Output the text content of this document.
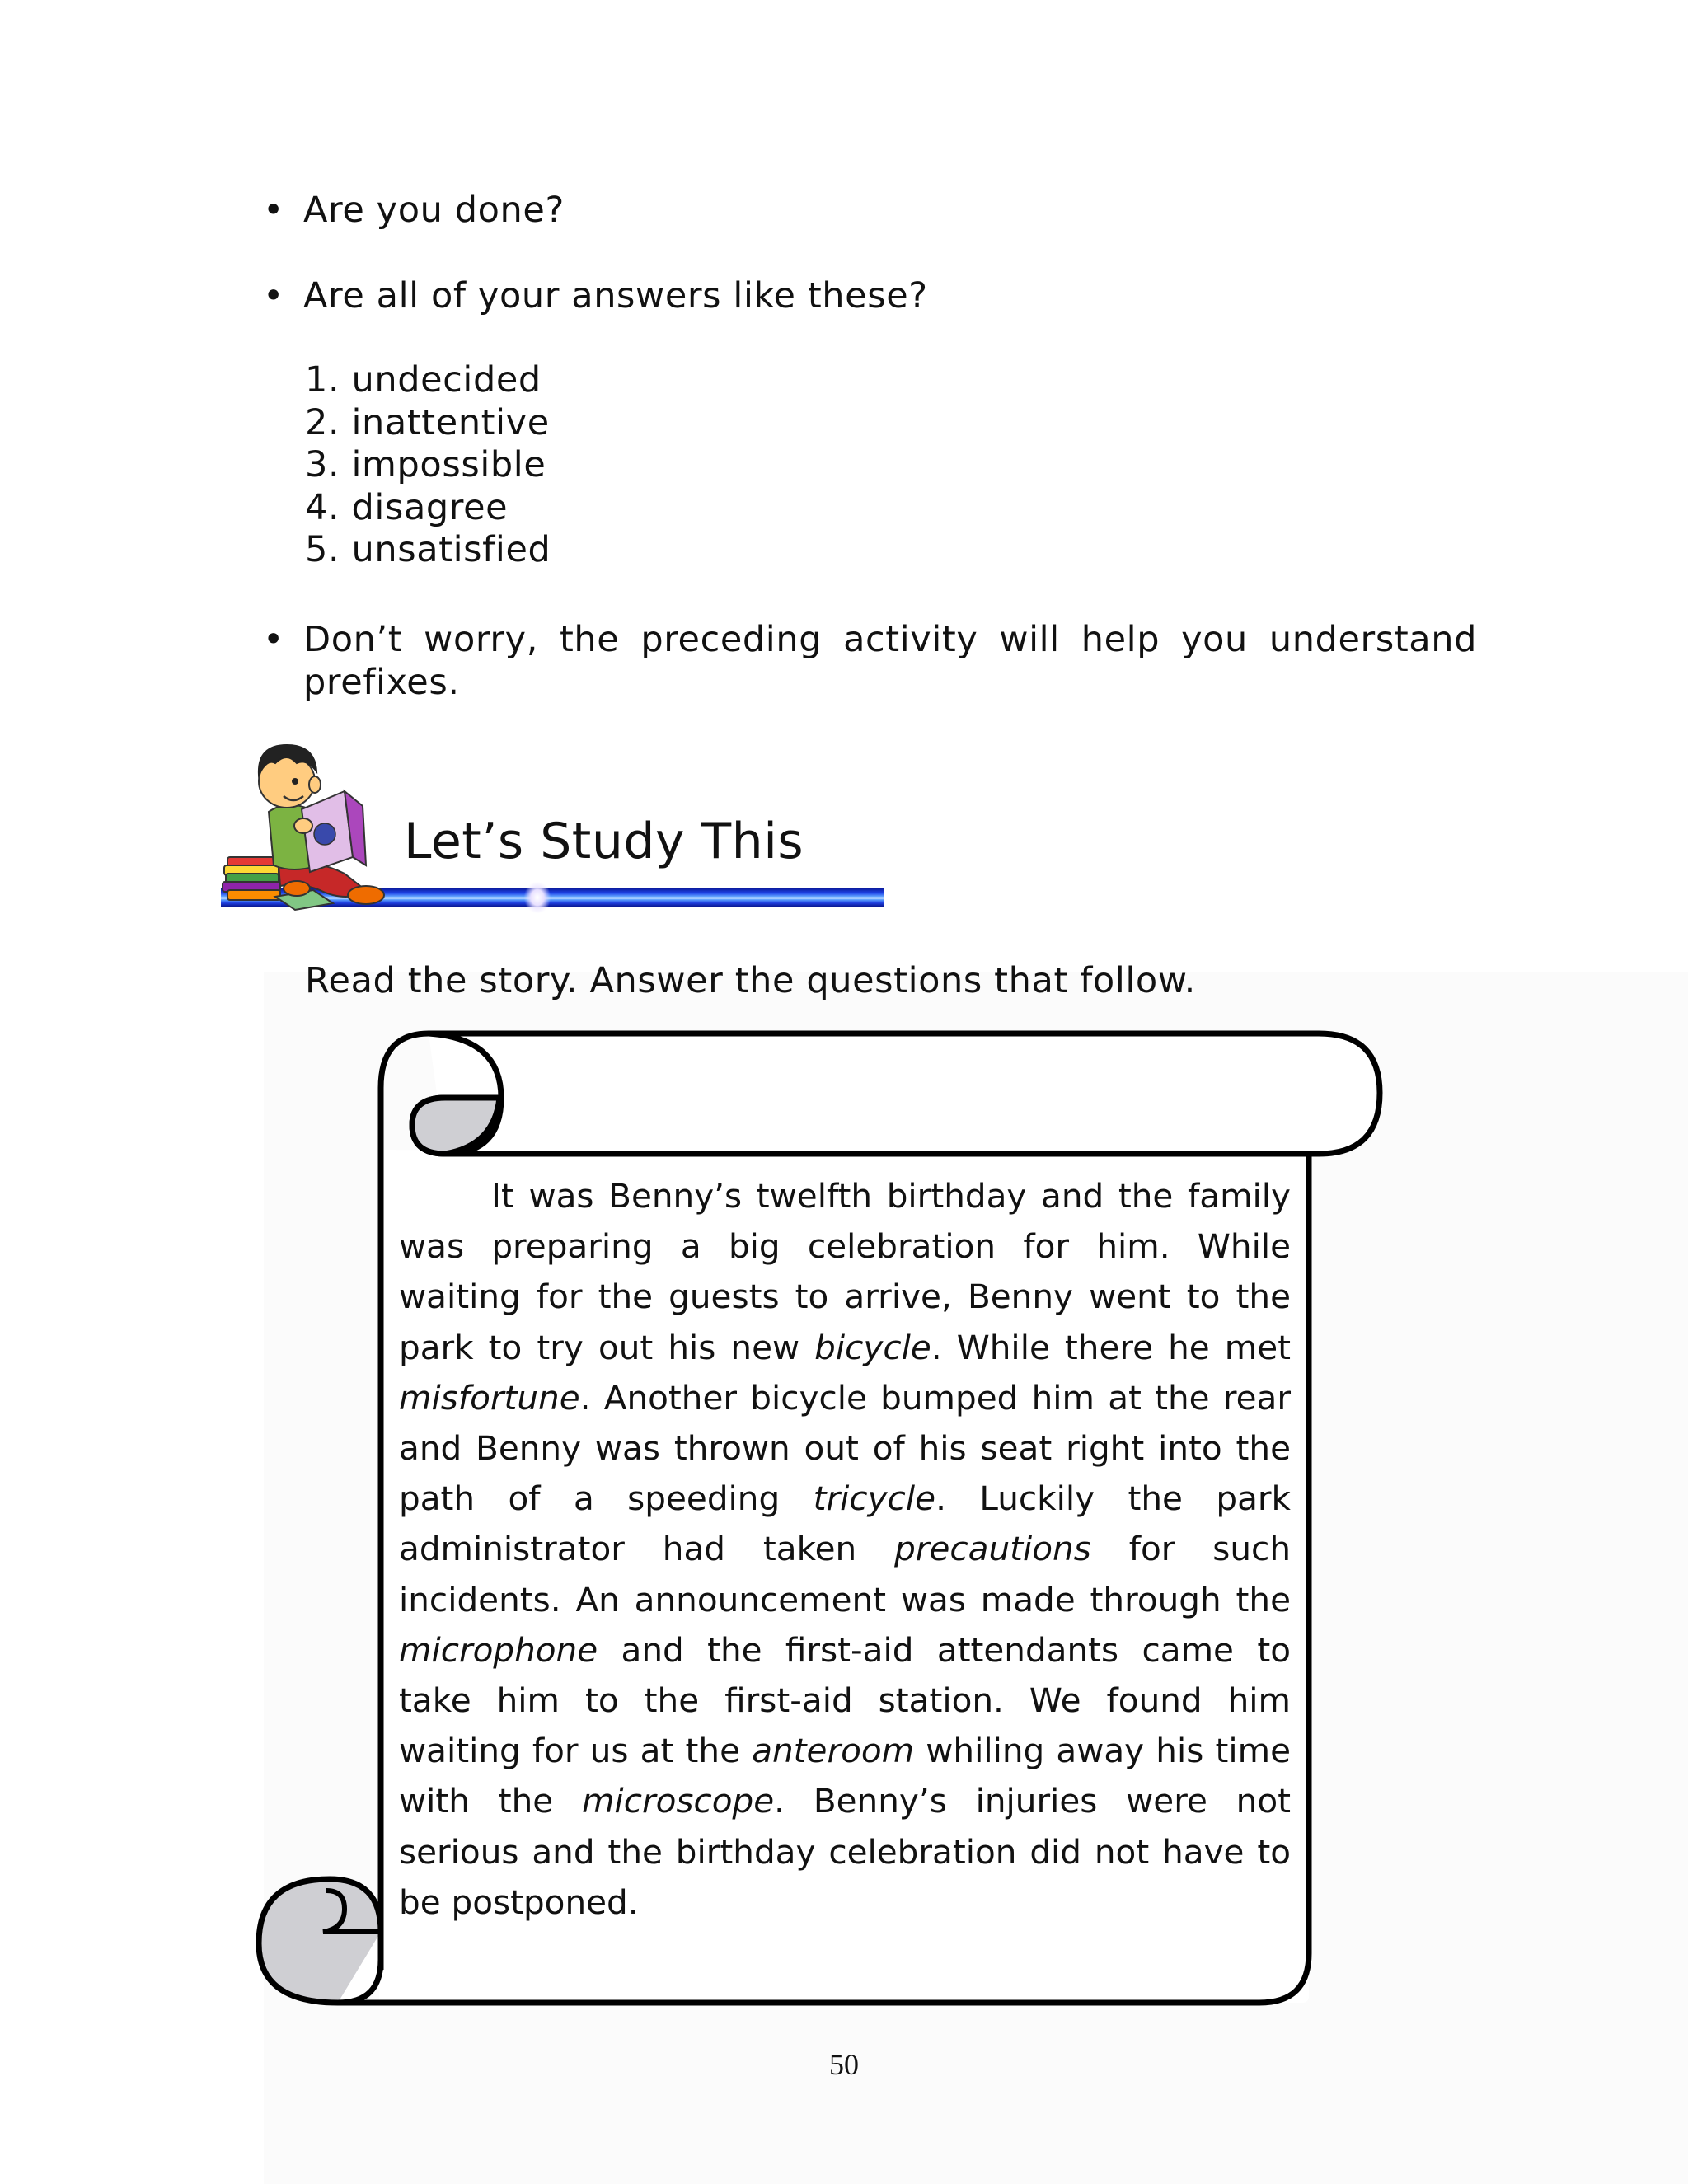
• Are you done?
• Are all of your answers like these?
1. undecided
2. inattentive
3. impossible
4. disagree
5. unsatisfied
• Don’t worry, the preceding activity will help you understand
prefixes.
Let’s Study This
Read the story. Answer the questions that follow.
It was Benny’s twelfth birthday and the family
was preparing a big celebration for him. While
waiting for the guests to arrive, Benny went to the
park to try out his new bicycle. While there he met
misfortune. Another bicycle bumped him at the rear
and Benny was thrown out of his seat right into the
path of a speeding tricycle. Luckily the park
administrator had taken precautions for such
incidents. An announcement was made through the
microphone and the first-aid attendants came to
take him to the first-aid station. We found him
waiting for us at the anteroom whiling away his time
with the microscope. Benny’s injuries were not
serious and the birthday celebration did not have to
be postponed.
50
